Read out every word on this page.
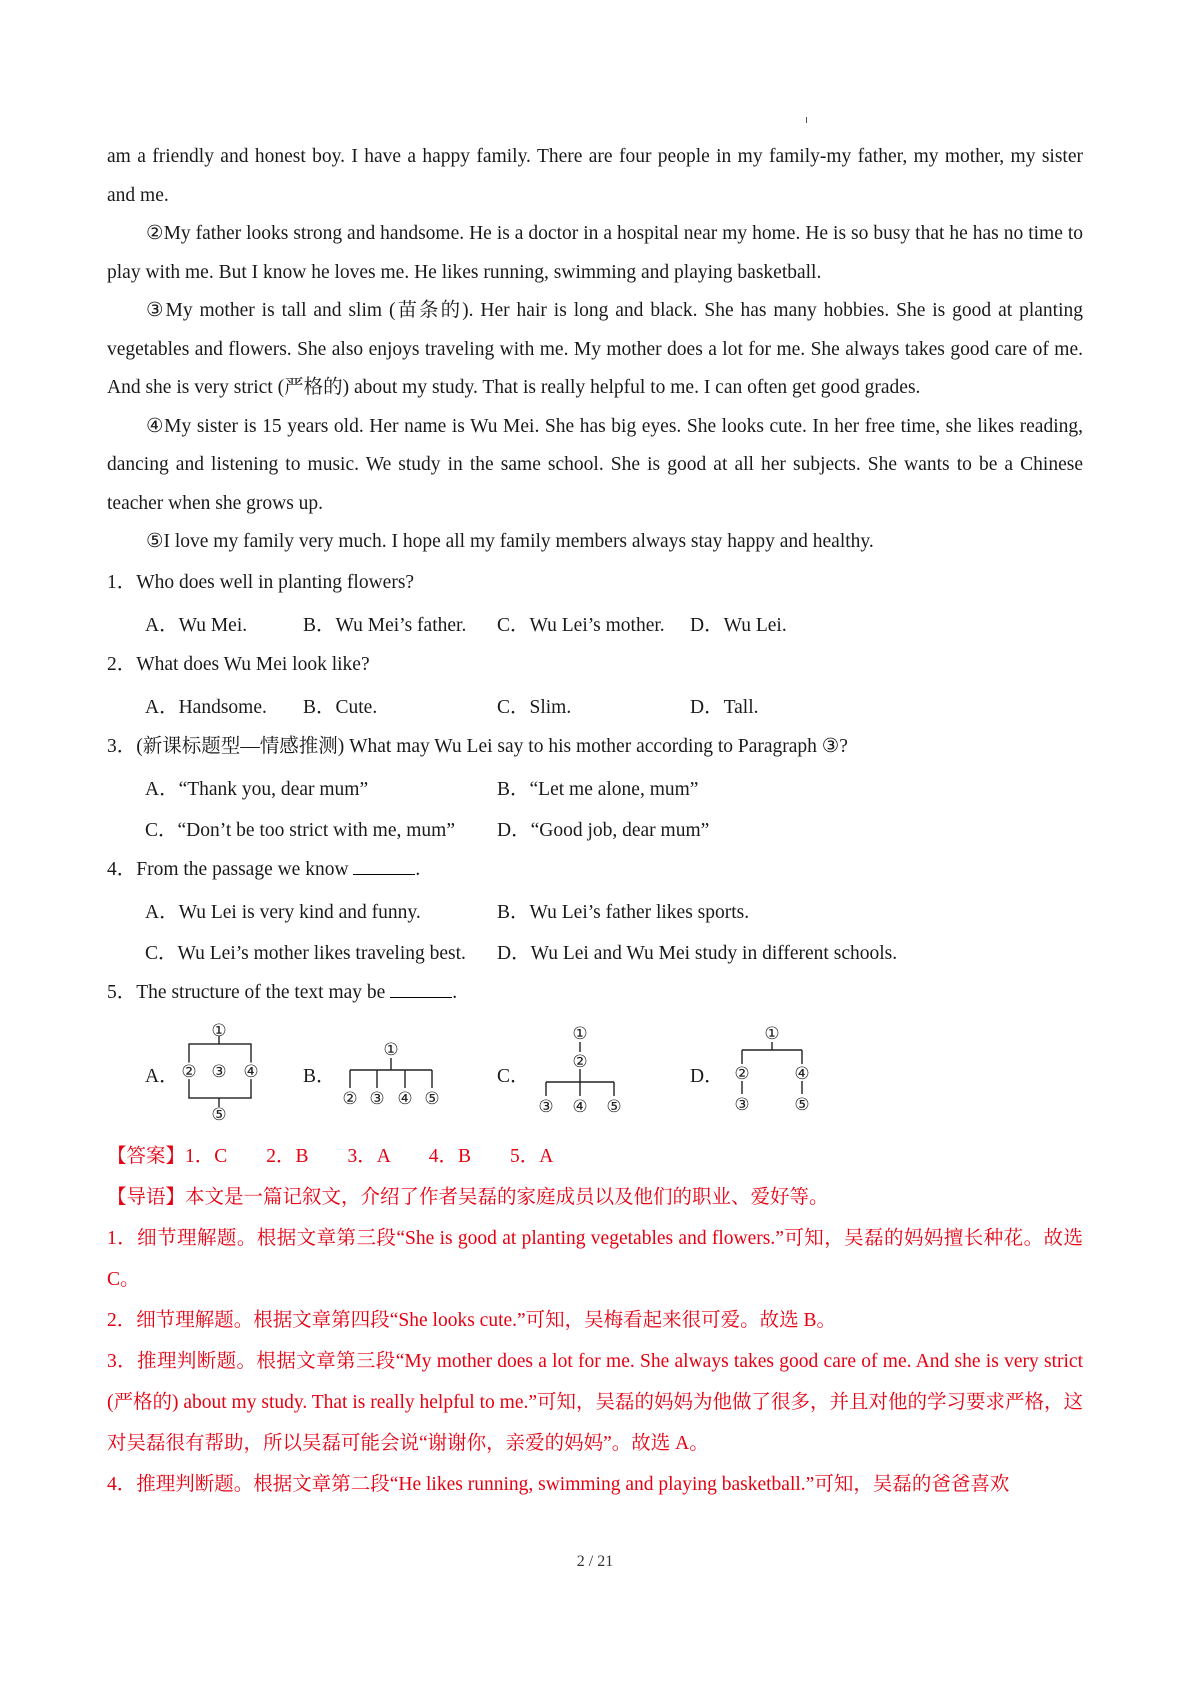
am a friendly and honest boy. I have a happy family. There are four people in my family-my father, my mother, my sister and me.

②My father looks strong and handsome. He is a doctor in a hospital near my home. He is so busy that he has no time to play with me. But I know he loves me. He likes running, swimming and playing basketball.

③My mother is tall and slim (苗条的). Her hair is long and black. She has many hobbies. She is good at planting vegetables and flowers. She also enjoys traveling with me. My mother does a lot for me. She always takes good care of me. And she is very strict (严格的) about my study. That is really helpful to me. I can often get good grades.

④My sister is 15 years old. Her name is Wu Mei. She has big eyes. She looks cute. In her free time, she likes reading, dancing and listening to music. We study in the same school. She is good at all her subjects. She wants to be a Chinese teacher when she grows up.

⑤I love my family very much. I hope all my family members always stay happy and healthy.

1．Who does well in planting flowers?

A．Wu Mei.	B．Wu Mei’s father.	C．Wu Lei’s mother.	D．Wu Lei.

2．What does Wu Mei look like?

A．Handsome.	B．Cute.	C．Slim.	D．Tall.

3．(新课标题型—情感推测) What may Wu Lei say to his mother according to Paragraph ③?

A．“Thank you, dear mum”	B．“Let me alone, mum”
C．“Don’t be too strict with me, mum”	D．“Good job, dear mum”

4．From the passage we know	.

A．Wu Lei is very kind and funny.	B．Wu Lei’s father likes sports.
C．Wu Lei’s mother likes traveling best.	D．Wu Lei and Wu Mei study in different schools.

5．The structure of the text may be	.

A．
①
② ③ ④
⑤
B．
①
② ③ ④ ⑤
C．
①
②
③ ④ ⑤
D．
①
②	④
③	⑤

【答案】1．C　　2．B　　3．A　　4．B　　5．A

【导语】本文是一篇记叙文，介绍了作者吴磊的家庭成员以及他们的职业、爱好等。

1．细节理解题。根据文章第三段“She is good at planting vegetables and flowers.”可知，吴磊的妈妈擅长种花。故选 C。

2．细节理解题。根据文章第四段“She looks cute.”可知，吴梅看起来很可爱。故选 B。

3．推理判断题。根据文章第三段“My mother does a lot for me. She always takes good care of me. And she is very strict (严格的) about my study. That is really helpful to me.”可知，吴磊的妈妈为他做了很多，并且对他的学习要求严格，这对吴磊很有帮助，所以吴磊可能会说“谢谢你，亲爱的妈妈”。故选 A。

4．推理判断题。根据文章第二段“He likes running, swimming and playing basketball.”可知，吴磊的爸爸喜欢

2 / 21
